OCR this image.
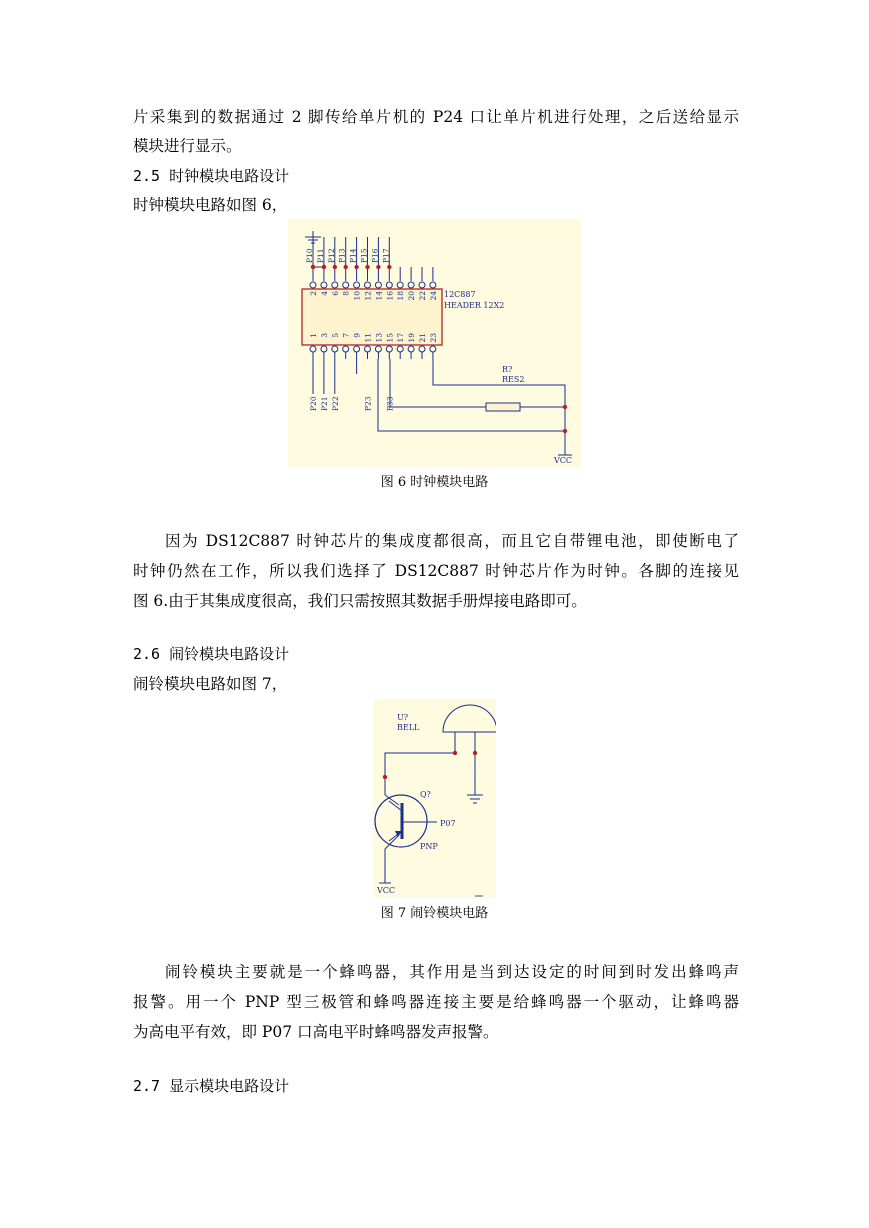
片采集到的数据通过 2 脚传给单片机的 P24 口让单片机进行处理，之后送给显示
模块进行显示。
2.5 时钟模块电路设计
时钟模块电路如图 6，
2 4 6 8 10 12 14 16 18 20 22 24
P10 P11 P12 P13 P14 P15 P16 P17
1 3 5 7 9 11 13 15 17 19 21 23
P20 P21 P22	P23 P33
12C887
HEADER 12X2
R?
RES2
VCC
图 6 时钟模块电路
因为 DS12C887 时钟芯片的集成度都很高，而且它自带锂电池，即使断电了
时钟仍然在工作，所以我们选择了 DS12C887 时钟芯片作为时钟。各脚的连接见
图 6.由于其集成度很高，我们只需按照其数据手册焊接电路即可。
2.6 闹铃模块电路设计
闹铃模块电路如图 7，
U?
BELL
Q?
P07
PNP
VCC
图 7 闹铃模块电路
闹铃模块主要就是一个蜂鸣器，其作用是当到达设定的时间到时发出蜂鸣声
报警。用一个 PNP 型三极管和蜂鸣器连接主要是给蜂鸣器一个驱动，让蜂鸣器
为高电平有效，即 P07 口高电平时蜂鸣器发声报警。
2.7 显示模块电路设计
